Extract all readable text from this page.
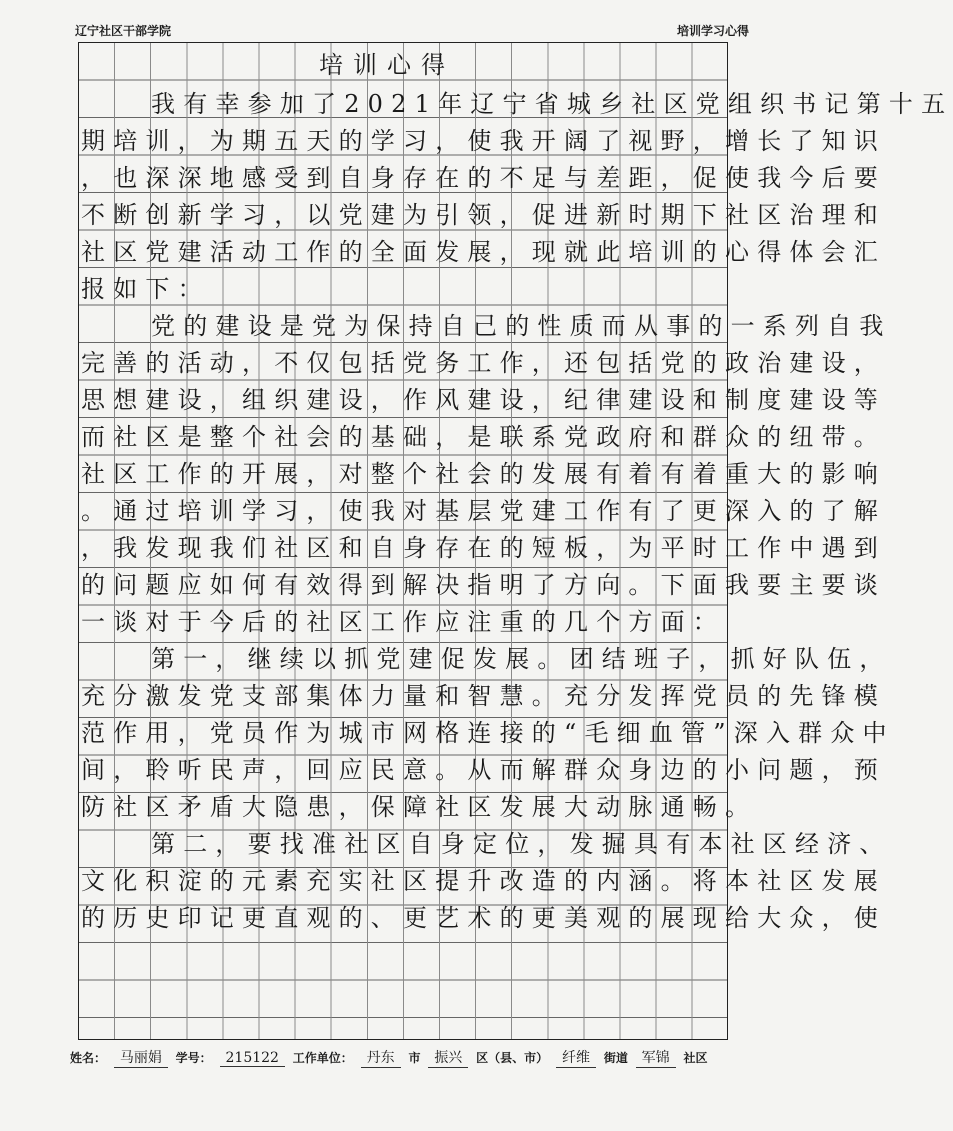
辽宁社区干部学院	培训学习心得
培训心得
我有幸参加了2021年辽宁省城乡社区党组织书记第十五
期培训，为期五天的学习，使我开阔了视野，增长了知识
，也深深地感受到自身存在的不足与差距，促使我今后要
不断创新学习，以党建为引领，促进新时期下社区治理和
社区党建活动工作的全面发展，现就此培训的心得体会汇
报如下：
党的建设是党为保持自己的性质而从事的一系列自我
完善的活动，不仅包括党务工作，还包括党的政治建设，
思想建设，组织建设，作风建设，纪律建设和制度建设等
而社区是整个社会的基础，是联系党政府和群众的纽带。
社区工作的开展，对整个社会的发展有着有着重大的影响
。通过培训学习，使我对基层党建工作有了更深入的了解
，我发现我们社区和自身存在的短板，为平时工作中遇到
的问题应如何有效得到解决指明了方向。下面我要主要谈
一谈对于今后的社区工作应注重的几个方面：
第一，继续以抓党建促发展。团结班子，抓好队伍，
充分激发党支部集体力量和智慧。充分发挥党员的先锋模
范作用，党员作为城市网格连接的“毛细血管”深入群众中
间，聆听民声，回应民意。从而解群众身边的小问题，预
防社区矛盾大隐患，保障社区发展大动脉通畅。
第二，要找准社区自身定位，发掘具有本社区经济、
文化积淀的元素充实社区提升改造的内涵。将本社区发展
的历史印记更直观的、更艺术的更美观的展现给大众，使
姓名： 马丽娟 学号： 215122 工作单位： 丹东 市 振兴 区（县、市） 纤维 街道 军锦 社区
